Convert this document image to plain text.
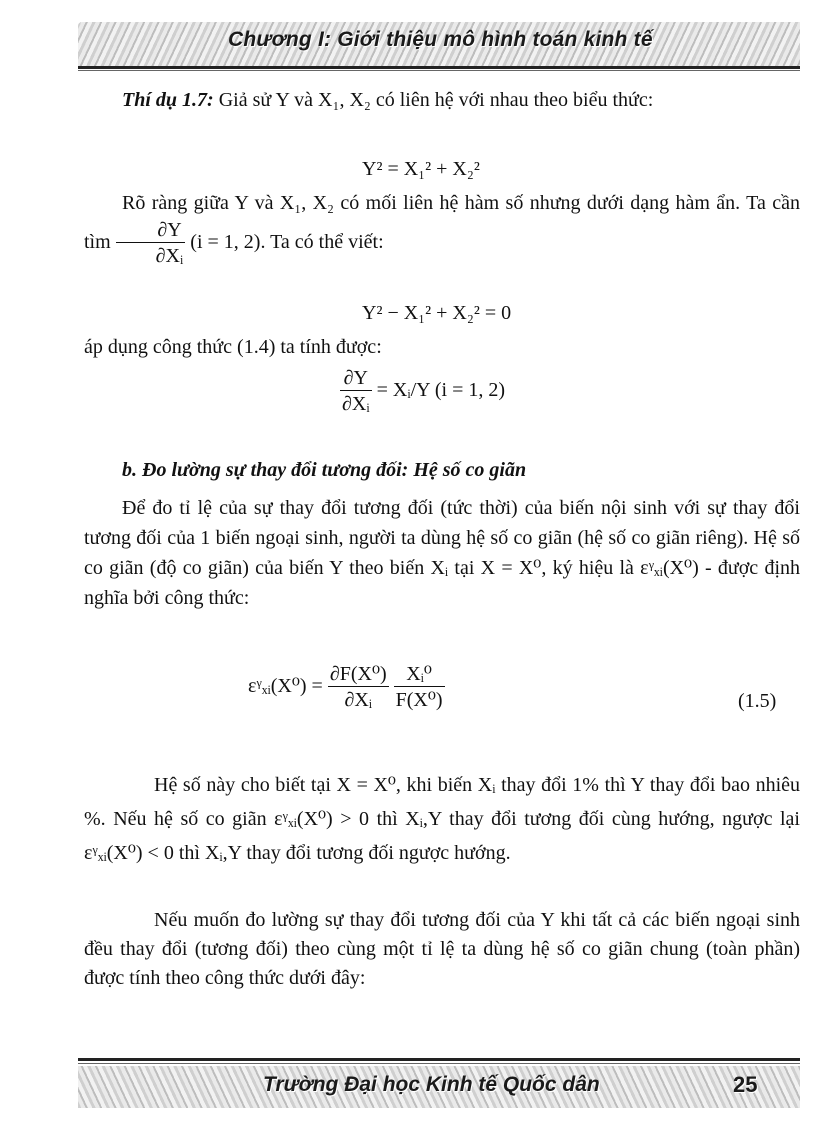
Chương I: Giới thiệu mô hình toán kinh tế
Thí dụ 1.7: Giả sử Y và X₁, X₂ có liên hệ với nhau theo biểu thức:
Y² = X₁² + X₂²
Rõ ràng giữa Y và X₁, X₂ có mối liên hệ hàm số nhưng dưới dạng hàm ẩn. Ta cần tìm $\frac{\partial Y}{\text{∂Xᵢ}} (i = 1$, 2). Ta có thể viết:
Y² − X₁² + X₂² = 0
áp dụng công thức (1.4) ta tính được:
$\frac{\partial Y}{\text{∂Xᵢ}}$ = Xᵢ/Y (i = 1, 2)
b. Đo lường sự thay đổi tương đối: Hệ số co giãn
Để đo tỉ lệ của sự thay đổi tương đối (tức thời) của biến nội sinh với sự thay đổi tương đối của 1 biến ngoại sinh, người ta dùng hệ số co giãn (hệ số co giãn riêng). Hệ số co giãn (độ co giãn) của biến Y theo biến Xᵢ tại X = X⁰, ký hiệu là εᵞₓᵢ(X⁰) - được định nghĩa bởi công thức:
εᵞₓᵢ(X⁰) = $\frac{\text{∂F(X⁰)}}{\text{∂Xᵢ}}$
$\frac{\text{Xᵢ⁰}}{\text{F(X⁰)}}$	(1.5)
Hệ số này cho biết tại X = X⁰, khi biến Xᵢ thay đổi 1% thì Y thay đổi bao nhiêu %. Nếu hệ số co giãn εᵞₓᵢ(X⁰) > 0 thì Xᵢ,Y thay đổi tương đối cùng hướng, ngược lại εᵞₓᵢ(X⁰) < 0 thì Xᵢ,Y thay đổi tương đối ngược hướng.
Nếu muốn đo lường sự thay đổi tương đối của Y khi tất cả các biến ngoại sinh đều thay đổi (tương đối) theo cùng một tỉ lệ ta dùng hệ số co giãn chung (toàn phần) được tính theo công thức dưới đây:
Trường Đại học Kinh tế Quốc dân	25
